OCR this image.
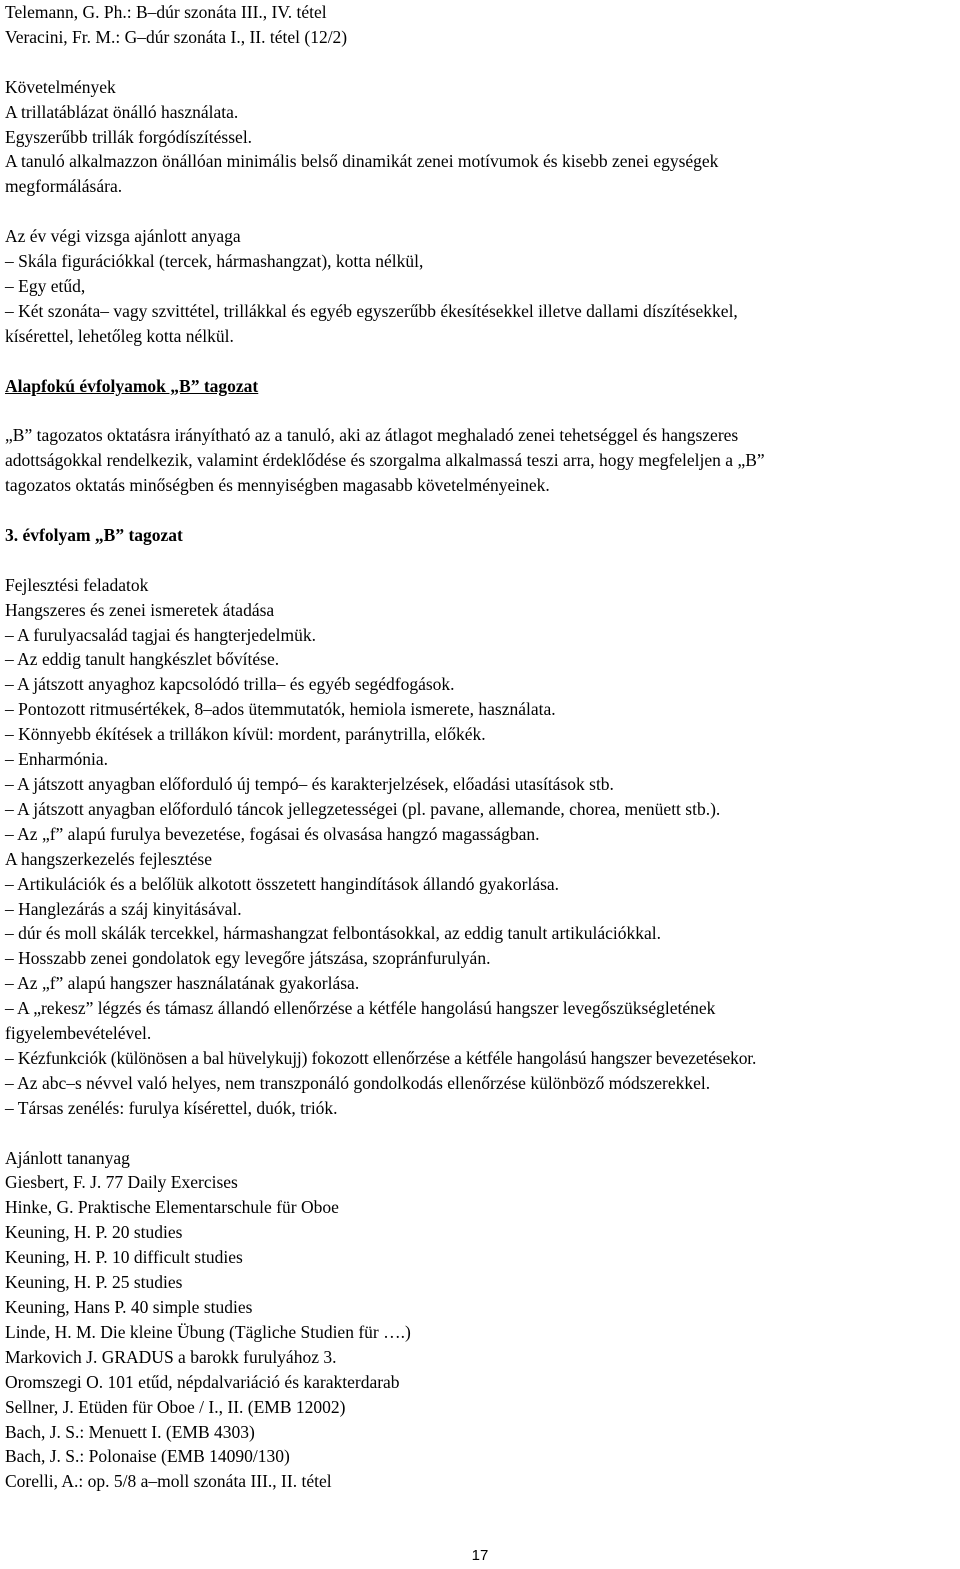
Telemann, G. Ph.: B–dúr szonáta III., IV. tétel
Veracini, Fr. M.: G–dúr szonáta I., II. tétel (12/2)
Követelmények
A trillatáblázat önálló használata.
Egyszerűbb trillák forgódíszítéssel.
A tanuló alkalmazzon önállóan minimális belső dinamikát zenei motívumok és kisebb zenei egységek
megformálására.
Az év végi vizsga ajánlott anyaga
– Skála figurációkkal (tercek, hármashangzat), kotta nélkül,
– Egy etűd,
– Két szonáta– vagy szvittétel, trillákkal és egyéb egyszerűbb ékesítésekkel illetve dallami díszítésekkel,
kísérettel, lehetőleg kotta nélkül.
Alapfokú évfolyamok „B” tagozat
„B” tagozatos oktatásra irányítható az a tanuló, aki az átlagot meghaladó zenei tehetséggel és hangszeres
adottságokkal rendelkezik, valamint érdeklődése és szorgalma alkalmassá teszi arra, hogy megfeleljen a „B”
tagozatos oktatás minőségben és mennyiségben magasabb követelményeinek.
3. évfolyam „B” tagozat
Fejlesztési feladatok
Hangszeres és zenei ismeretek átadása
– A furulyacsalád tagjai és hangterjedelmük.
– Az eddig tanult hangkészlet bővítése.
– A játszott anyaghoz kapcsolódó trilla– és egyéb segédfogások.
– Pontozott ritmusértékek, 8–ados ütemmutatók, hemiola ismerete, használata.
– Könnyebb ékítések a trillákon kívül: mordent, paránytrilla, előkék.
– Enharmónia.
– A játszott anyagban előforduló új tempó– és karakterjelzések, előadási utasítások stb.
– A játszott anyagban előforduló táncok jellegzetességei (pl. pavane, allemande, chorea, menüett stb.).
– Az „f” alapú furulya bevezetése, fogásai és olvasása hangzó magasságban.
A hangszerkezelés fejlesztése
– Artikulációk és a belőlük alkotott összetett hangindítások állandó gyakorlása.
– Hanglezárás a száj kinyitásával.
– dúr és moll skálák tercekkel, hármashangzat felbontásokkal, az eddig tanult artikulációkkal.
– Hosszabb zenei gondolatok egy levegőre játszása, szopránfurulyán.
– Az „f” alapú hangszer használatának gyakorlása.
– A „rekesz” légzés és támasz állandó ellenőrzése a kétféle hangolású hangszer levegőszükségletének
figyelembevételével.
– Kézfunkciók (különösen a bal hüvelykujj) fokozott ellenőrzése a kétféle hangolású hangszer bevezetésekor.
– Az abc–s névvel való helyes, nem transzponáló gondolkodás ellenőrzése különböző módszerekkel.
– Társas zenélés: furulya kísérettel, duók, triók.
Ajánlott tananyag
Giesbert, F. J. 77 Daily Exercises
Hinke, G. Praktische Elementarschule für Oboe
Keuning, H. P. 20 studies
Keuning, H. P. 10 difficult studies
Keuning, H. P. 25 studies
Keuning, Hans P. 40 simple studies
Linde, H. M. Die kleine Übung (Tägliche Studien für ….)
Markovich J. GRADUS a barokk furulyához 3.
Oromszegi O. 101 etűd, népdalvariáció és karakterdarab
Sellner, J. Etüden für Oboe / I., II. (EMB 12002)
Bach, J. S.: Menuett I. (EMB 4303)
Bach, J. S.: Polonaise (EMB 14090/130)
Corelli, A.: op. 5/8 a–moll szonáta III., II. tétel
17
